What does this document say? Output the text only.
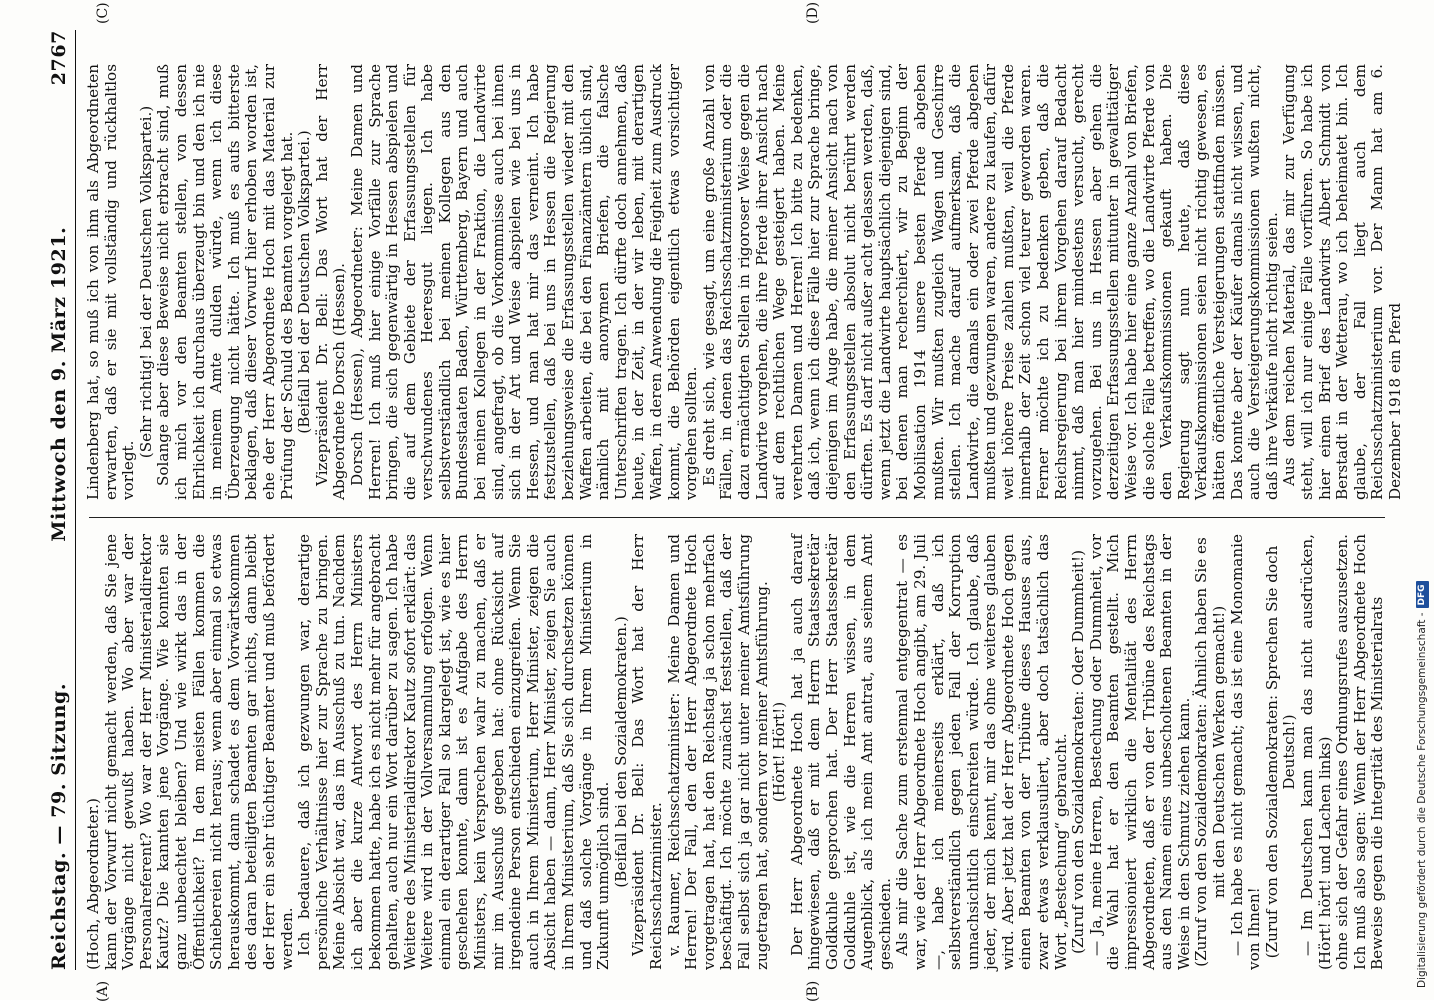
Reichstag. — 79. Sitzung.
Mittwoch den 9. März 1921.
2767
(A)	(B)
(C)	(D)

(Hoch, Abgeordneter.) kann der Vorwurf nicht gemacht werden, daß Sie jene Vorgänge nicht gewußt haben. Wo aber war der Personalreferent? Wo war der Herr Ministerialdirektor Kautz? Die kannten jene Vorgänge. Wie konnten sie ganz unbeachtet bleiben? Und wie wirkt das in der Öffentlichkeit? In den meisten Fällen kommen die Schiebereien nicht heraus; wenn aber einmal so etwas herauskommt, dann schadet es dem Vorwärtskommen des daran beteiligten Beamten gar nichts, dann bleibt der Herr ein sehr tüchtiger Beamter und muß befördert werden. Ich bedauere, daß ich gezwungen war, derartige persönliche Verhältnisse hier zur Sprache zu bringen. Meine Absicht war, das im Ausschuß zu tun. Nachdem ich aber die kurze Antwort des Herrn Ministers bekommen hatte, habe ich es nicht mehr für angebracht gehalten, auch nur ein Wort darüber zu sagen. Ich habe Weitere des Ministerialdirektor Kautz sofort erklärt: das Weitere wird in der Vollversammlung erfolgen. Wenn einmal ein derartiger Fall so klargelegt ist, wie es hier geschehen konnte, dann ist es Aufgabe des Herrn Ministers, kein Versprechen wahr zu machen, daß er mir im Ausschuß gegeben hat: ohne Rücksicht auf irgendeine Person entschieden einzugreifen. Wenn Sie auch in Ihrem Ministerium, Herr Minister, zeigen die Absicht haben — dann, Herr Minister, zeigen Sie auch in Ihrem Ministerium, daß Sie sich durchsetzen können und daß solche Vorgänge in Ihrem Ministerium in Zukunft unmöglich sind. (Beifall bei den Sozialdemokraten.) Vizepräsident Dr. Bell: Das Wort hat der Herr Reichsschatzminister. v. Raumer, Reichsschatzminister: Meine Damen und Herren! Der Fall, den der Herr Abgeordnete Hoch vorgetragen hat, hat den Reichstag ja schon mehrfach beschäftigt. Ich möchte zunächst feststellen, daß der Fall selbst sich ja gar nicht unter meiner Amtsführung zugetragen hat, sondern vor meiner Amtsführung. (Hört! Hört!) Der Herr Abgeordnete Hoch hat ja auch darauf hingewiesen, daß er mit dem Herrn Staatssekretär Goldkuhle gesprochen hat. Der Herr Staatssekretär Goldkuhle ist, wie die Herren wissen, in dem Augenblick, als ich mein Amt antrat, aus seinem Amt geschieden. Als mir die Sache zum erstenmal entgegentrat — es war, wie der Herr Abgeordnete Hoch angibt, am 29. Juli —, habe ich meinerseits erklärt, daß ich selbstverständlich gegen jeden Fall der Korruption unnachsichtlich einschreiten würde. Ich glaube, daß jeder, der mich kennt, mir das ohne weiteres glauben wird. Aber jetzt hat der Herr Abgeordnete Hoch gegen einen Beamten von der Tribüne dieses Hauses aus, zwar etwas verklausuliert, aber doch tatsächlich das Wort „Bestechung“ gebraucht. (Zuruf von den Sozialdemokraten: Oder Dummheit!) — Ja, meine Herren, Bestechung oder Dummheit, vor die Wahl hat er den Beamten gestellt. Mich impressioniert wirklich die Mentalität des Herrn Abgeordneten, daß er von der Tribüne des Reichstags aus den Namen eines unbescholtenen Beamten in der Weise in den Schmutz ziehen kann. (Zuruf von den Sozialdemokraten: Ähnlich haben Sie es mit den Deutschen Werken gemacht!) — Ich habe es nicht gemacht; das ist eine Monomanie von Ihnen! (Zuruf von den Sozialdemokraten: Sprechen Sie doch Deutsch!) — Im Deutschen kann man das nicht ausdrücken, (Hört! hört! und Lachen links) ohne sich der Gefahr eines Ordnungsrufes auszusetzen. Ich muß also sagen: Wenn der Herr Abgeordnete Hoch Beweise gegen die Integrität des Ministerialrats

Lindenberg hat, so muß ich von ihm als Abgeordneten erwarten, daß er sie mit vollständig und rückhaltlos vorlegt.

(Sehr richtig! bei der Deutschen Volkspartei.) Solange aber diese Beweise nicht erbracht sind, muß ich mich vor den Beamten stellen, von dessen Ehrlichkeit ich durchaus überzeugt bin und den ich nie in meinem Amte dulden würde, wenn ich diese Überzeugung nicht hätte. Ich muß es aufs bitterste beklagen, daß dieser Vorwurf hier erhoben worden ist, ehe der Herr Abgeordnete Hoch mit das Material zur Prüfung der Schuld des Beamten vorgelegt hat. (Beifall bei der Deutschen Volkspartei.) Vizepräsident Dr. Bell: Das Wort hat der Herr Abgeordnete Dorsch (Hessen). Dorsch (Hessen), Abgeordneter: Meine Damen und Herren! Ich muß hier einige Vorfälle zur Sprache bringen, die sich gegenwärtig in Hessen abspielen und die auf dem Gebiete der Erfassungsstellen für verschwundenes Heeresgut liegen. Ich habe selbstverständlich bei meinen Kollegen aus den Bundesstaaten Baden, Württemberg, Bayern und auch bei meinen Kollegen in der Fraktion, die Landwirte sind, angefragt, ob die Vorkommnisse auch bei ihnen sich in der Art und Weise abspielen wie bei uns in Hessen, und man hat mir das verneint. Ich habe festzustellen, daß bei uns in Hessen die Regierung beziehungsweise die Erfassungsstellen wieder mit den Waffen arbeiten, die bei den Finanzämtern üblich sind, nämlich mit anonymen Briefen, die falsche Unterschriften tragen. Ich dürfte doch annehmen, daß heute, in der Zeit, in der wir leben, mit derartigen Waffen, in deren Anwendung die Feigheit zum Ausdruck kommt, die Behörden eigentlich etwas vorsichtiger vorgehen sollten. Es dreht sich, wie gesagt, um eine große Anzahl von Fällen, in denen das Reichsschatzministerium oder die dazu ermächtigten Stellen in rigoroser Weise gegen die Landwirte vorgehen, die ihre Pferde ihrer Ansicht nach auf dem rechtlichen Wege gesteigert haben. Meine verehrten Damen und Herren! Ich bitte zu bedenken, daß ich, wenn ich diese Fälle hier zur Sprache bringe, diejenigen im Auge habe, die meiner Ansicht nach von den Erfassungsstellen absolut nicht berührt werden dürften. Es darf nicht außer acht gelassen werden, daß, wenn jetzt die Landwirte hauptsächlich diejenigen sind, bei denen man recherchiert, wir zu Beginn der Mobilisation 1914 unsere besten Pferde abgeben mußten. Wir mußten zugleich Wagen und Geschirre stellen. Ich mache darauf aufmerksam, daß die Landwirte, die damals ein oder zwei Pferde abgeben mußten und gezwungen waren, andere zu kaufen, dafür weit höhere Preise zahlen mußten, weil die Pferde innerhalb der Zeit schon viel teurer geworden waren. Ferner möchte ich zu bedenken geben, daß die Reichsregierung bei ihrem Vorgehen darauf Bedacht nimmt, daß man hier mindestens versucht, gerecht vorzugehen. Bei uns in Hessen aber gehen die derzeitigen Erfassungsstellen mitunter in gewalttätiger Weise vor. Ich habe hier eine ganze Anzahl von Briefen, die solche Fälle betreffen, wo die Landwirte Pferde von den Verkaufskommissionen gekauft haben. Die Regierung sagt nun heute, daß diese Verkaufskommissionen seien nicht richtig gewesen, es hätten öffentliche Versteigerungen stattfinden müssen. Das konnte aber der Käufer damals nicht wissen, und auch die Versteigerungskommissionen wußten nicht, daß ihre Verkäufe nicht richtig seien. Aus dem reichen Material, das mir zur Verfügung steht, will ich nur einige Fälle vorführen. So habe ich hier einen Brief des Landwirts Albert Schmidt von Berstadt in der Wetterau, wo ich beheimatet bin. Ich glaube, der Fall liegt auch dem Reichsschatzministerium vor. Der Mann hat am 6. Dezember 1918 ein Pferd

Digitalisierung gefördert durch die Deutsche Forschungsgemeinschaft -
DFG
